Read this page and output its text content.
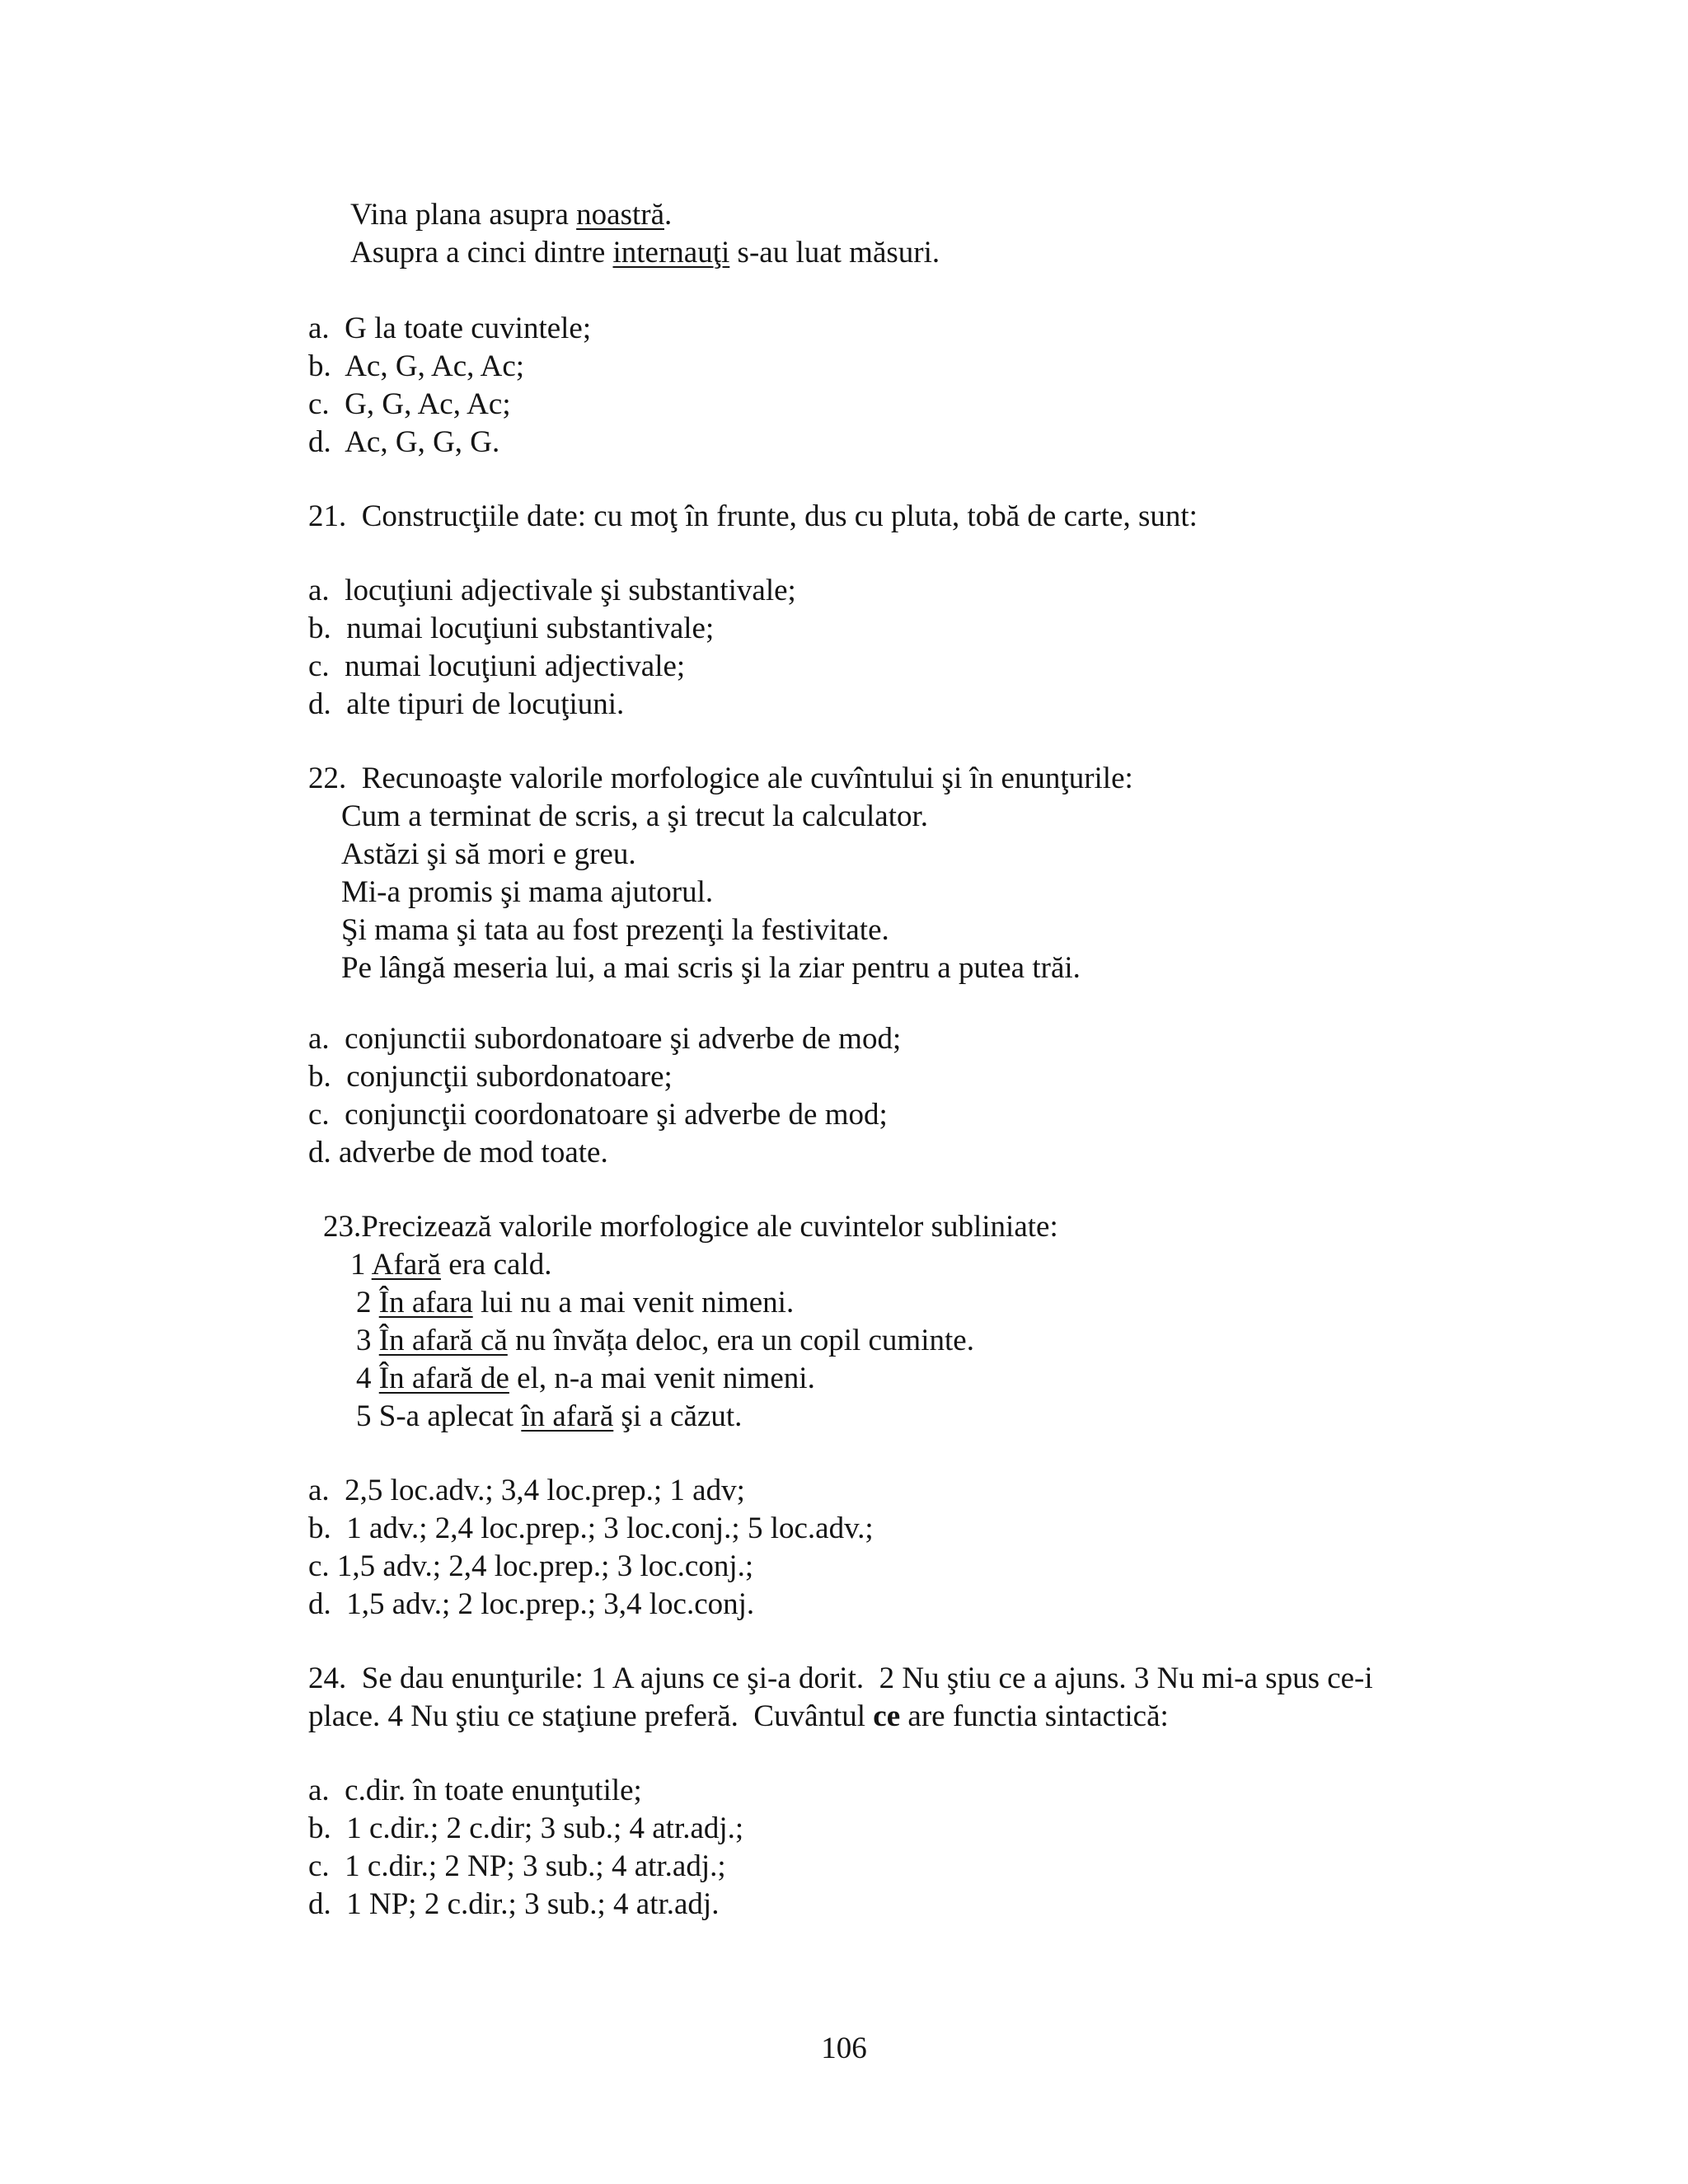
Vina plana asupra noastră.
Asupra a cinci dintre internauţi s-au luat măsuri.
a.  G la toate cuvintele;
b.  Ac, G, Ac, Ac;
c.  G, G, Ac, Ac;
d.  Ac, G, G, G.
21.  Construcţiile date: cu moţ în frunte, dus cu pluta, tobă de carte, sunt:
a.  locuţiuni adjectivale şi substantivale;
b.  numai locuţiuni substantivale;
c.  numai locuţiuni adjectivale;
d.  alte tipuri de locuţiuni.
22.  Recunoaşte valorile morfologice ale cuvîntului şi în enunţurile:
Cum a terminat de scris, a şi trecut la calculator.
Astăzi şi să mori e greu.
Mi-a promis şi mama ajutorul.
Şi mama şi tata au fost prezenţi la festivitate.
Pe lângă meseria lui, a mai scris şi la ziar pentru a putea trăi.
a.  conjunctii subordonatoare şi adverbe de mod;
b.  conjuncţii subordonatoare;
c.  conjuncţii coordonatoare şi adverbe de mod;
d. adverbe de mod toate.
23.Precizează valorile morfologice ale cuvintelor subliniate:
1 Afară era cald.
2 În afara lui nu a mai venit nimeni.
3 În afară că nu învăța deloc, era un copil cuminte.
4 În afară de el, n-a mai venit nimeni.
5 S-a aplecat în afară şi a căzut.
a.  2,5 loc.adv.; 3,4 loc.prep.; 1 adv;
b.  1 adv.; 2,4 loc.prep.; 3 loc.conj.; 5 loc.adv.;
c. 1,5 adv.; 2,4 loc.prep.; 3 loc.conj.;
d.  1,5 adv.; 2 loc.prep.; 3,4 loc.conj.
24.  Se dau enunţurile: 1 A ajuns ce şi-a dorit.  2 Nu ştiu ce a ajuns. 3 Nu mi-a spus ce-i
place. 4 Nu ştiu ce staţiune preferă.  Cuvântul ce are functia sintactică:
a.  c.dir. în toate enunţutile;
b.  1 c.dir.; 2 c.dir; 3 sub.; 4 atr.adj.;
c.  1 c.dir.; 2 NP; 3 sub.; 4 atr.adj.;
d.  1 NP; 2 c.dir.; 3 sub.; 4 atr.adj.
106
